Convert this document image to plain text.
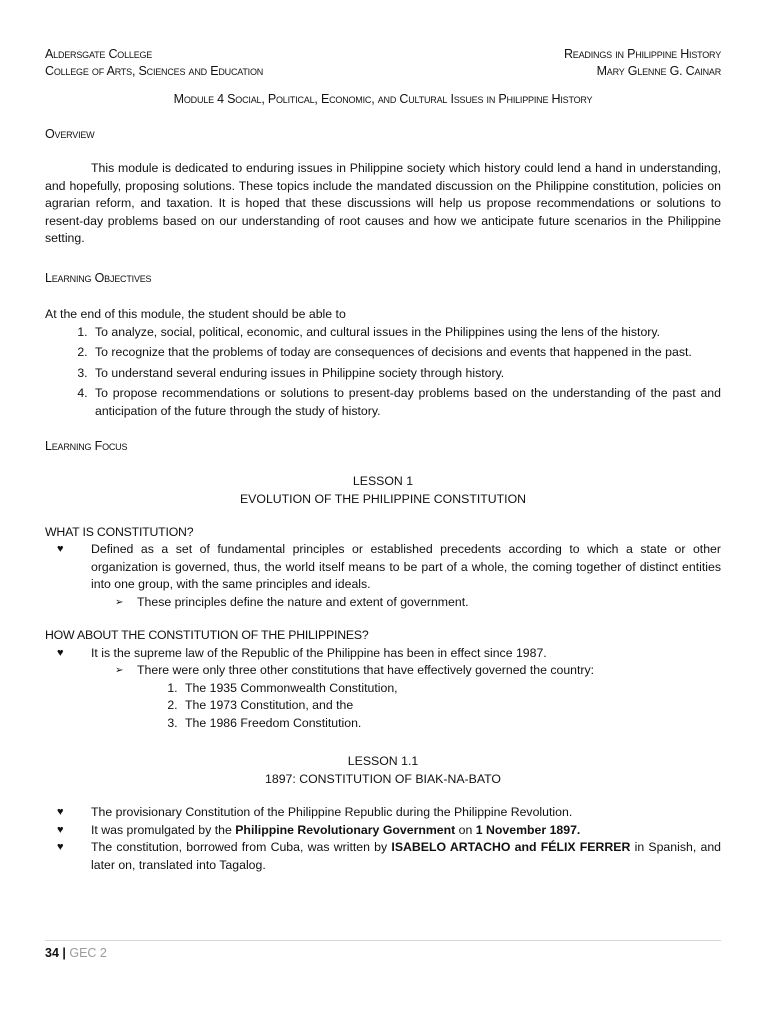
Aldersgate College	Readings in Philippine History
College of Arts, Sciences and Education	Mary Glenne G. Cainar
Module 4 Social, Political, Economic, and Cultural Issues in Philippine History
Overview
This module is dedicated to enduring issues in Philippine society which history could lend a hand in understanding, and hopefully, proposing solutions. These topics include the mandated discussion on the Philippine constitution, policies on agrarian reform, and taxation. It is hoped that these discussions will help us propose recommendations or solutions to resent-day problems based on our understanding of root causes and how we anticipate future scenarios in the Philippine setting.
Learning Objectives
At the end of this module, the student should be able to
1. To analyze, social, political, economic, and cultural issues in the Philippines using the lens of the history.
2. To recognize that the problems of today are consequences of decisions and events that happened in the past.
3. To understand several enduring issues in Philippine society through history.
4. To propose recommendations or solutions to present-day problems based on the understanding of the past and anticipation of the future through the study of history.
Learning Focus
LESSON 1
EVOLUTION OF THE PHILIPPINE CONSTITUTION
WHAT IS CONSTITUTION?
♥ Defined as a set of fundamental principles or established precedents according to which a state or other organization is governed, thus, the world itself means to be part of a whole, the coming together of distinct entities into one group, with the same principles and ideals.
➢ These principles define the nature and extent of government.
HOW ABOUT THE CONSTITUTION OF THE PHILIPPINES?
♥ It is the supreme law of the Republic of the Philippine has been in effect since 1987.
➢ There were only three other constitutions that have effectively governed the country:
1. The 1935 Commonwealth Constitution,
2. The 1973 Constitution, and the
3. The 1986 Freedom Constitution.
LESSON 1.1
1897: CONSTITUTION OF BIAK-NA-BATO
♥ The provisionary Constitution of the Philippine Republic during the Philippine Revolution.
♥ It was promulgated by the Philippine Revolutionary Government on 1 November 1897.
♥ The constitution, borrowed from Cuba, was written by ISABELO ARTACHO and FÉLIX FERRER in Spanish, and later on, translated into Tagalog.
34 | GEC 2
